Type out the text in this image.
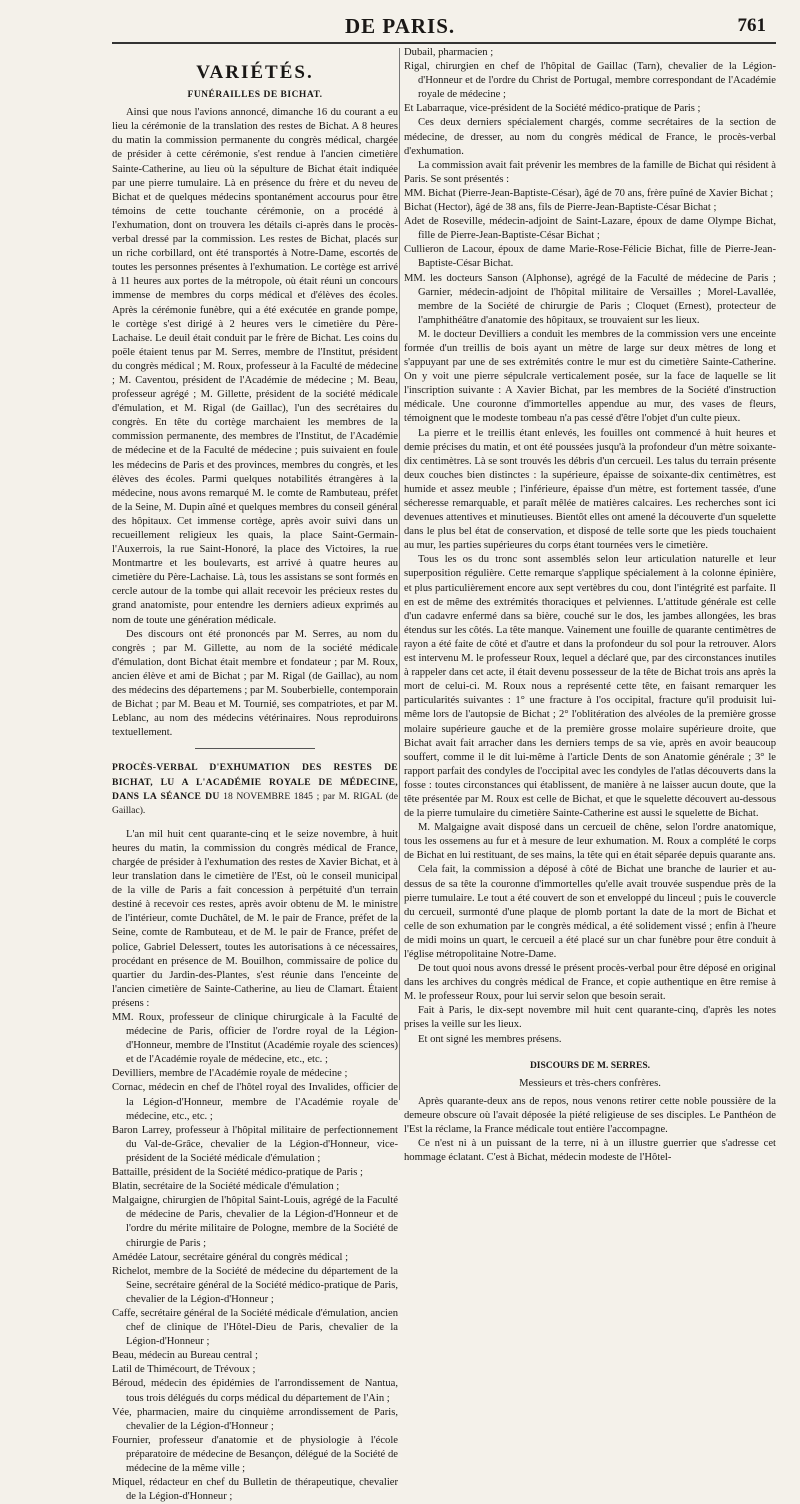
DE PARIS.	761
VARIÉTÉS.
FUNÉRAILLES DE BICHAT.

Ainsi que nous l'avions annoncé, dimanche 16 du courant a eu lieu la cérémonie de la translation des restes de Bichat. A 8 heures du matin la commission permanente du congrès médical, chargée de présider à cette cérémonie, s'est rendue à l'ancien cimetière Sainte-Catherine, au lieu où la sépulture de Bichat était indiquée par une pierre tumulaire. Là en présence du frère et du neveu de Bichat et de quelques médecins spontanément accourus pour être témoins de cette touchante cérémonie, on a procédé à l'exhumation, dont on trouvera les détails ci-après dans le procès-verbal dressé par la commission. Les restes de Bichat, placés sur un riche corbillard, ont été transportés à Notre-Dame, escortés de toutes les personnes présentes à l'exhumation. Le cortège est arrivé à 11 heures aux portes de la métropole, où était réuni un concours immense de membres du corps médical et d'élèves des écoles. Après la cérémonie funèbre, qui a été exécutée en grande pompe, le cortège s'est dirigé à 2 heures vers le cimetière du Père-Lachaise. Le deuil était conduit par le frère de Bichat. Les coins du poële étaient tenus par M. Serres, membre de l'Institut, président du congrès médical ; M. Roux, professeur à la Faculté de médecine ; M. Caventou, président de l'Académie de médecine ; M. Beau, professeur agrégé ; M. Gillette, président de la société médicale d'émulation, et M. Rigal (de Gaillac), l'un des secrétaires du congrès. En tête du cortège marchaient les membres de la commission permanente, des membres de l'Institut, de l'Académie de médecine et de la Faculté de médecine ; puis suivaient en foule les médecins de Paris et des provinces, membres du congrès, et les élèves des écoles. Parmi quelques notabilités étrangères à la médecine, nous avons remarqué M. le comte de Rambuteau, préfet de la Seine, M. Dupin aîné et quelques membres du conseil général des hôpitaux. Cet immense cortège, après avoir suivi dans un recueillement religieux les quais, la place Saint-Germain-l'Auxerrois, la rue Saint-Honoré, la place des Victoires, la rue Montmartre et les boulevarts, est arrivé à quatre heures au cimetière du Père-Lachaise. Là, tous les assistans se sont formés en cercle autour de la tombe qui allait recevoir les précieux restes du grand anatomiste, pour entendre les derniers adieux exprimés au nom de toute une génération médicale.

Des discours ont été prononcés par M. Serres, au nom du congrès ; par M. Gillette, au nom de la société médicale d'émulation, dont Bichat était membre et fondateur ; par M. Roux, ancien élève et ami de Bichat ; par M. Rigal (de Gaillac), au nom des médecins des départemens ; par M. Souberbielle, contemporain de Bichat ; par M. Beau et M. Tournié, ses compatriotes, et par M. Leblanc, au nom des médecins vétérinaires. Nous reproduirons textuellement.

PROCÈS-VERBAL D'EXHUMATION DES RESTES DE BICHAT, LU A L'ACADÉMIE ROYALE DE MÉDECINE, DANS LA SÉANCE DU 18 NOVEMBRE 1845 ; par M. RIGAL (de Gaillac).

L'an mil huit cent quarante-cinq et le seize novembre, à huit heures du matin, la commission du congrès médical de France, chargée de présider à l'exhumation des restes de Xavier Bichat, et à leur translation dans le cimetière de l'Est, où le conseil municipal de la ville de Paris a fait concession à perpétuité d'un terrain destiné à recevoir ces restes, après avoir obtenu de M. le ministre de l'intérieur, comte Duchâtel, de M. le pair de France, préfet de la Seine, comte de Rambuteau, et de M. le pair de France, préfet de police, Gabriel Delessert, toutes les autorisations à ce nécessaires, procédant en présence de M. Bouilhon, commissaire de police du quartier du Jardin-des-Plantes, s'est réunie dans l'enceinte de l'ancien cimetière de Sainte-Catherine, au lieu de Clamart. Étaient présens :

MM. Roux, professeur de clinique chirurgicale à la Faculté de médecine de Paris, officier de l'ordre royal de la Légion-d'Honneur, membre de l'Institut (Académie royale des sciences) et de l'Académie royale de médecine, etc., etc. ;

Devilliers, membre de l'Académie royale de médecine ;

Cornac, médecin en chef de l'hôtel royal des Invalides, officier de la Légion-d'Honneur, membre de l'Académie royale de médecine, etc., etc. ;

Baron Larrey, professeur à l'hôpital militaire de perfectionnement du Val-de-Grâce, chevalier de la Légion-d'Honneur, vice-président de la Société médicale d'émulation ;

Battaille, président de la Société médico-pratique de Paris ;

Blatin, secrétaire de la Société médicale d'émulation ;

Malgaigne, chirurgien de l'hôpital Saint-Louis, agrégé de la Faculté de médecine de Paris, chevalier de la Légion-d'Honneur et de l'ordre du mérite militaire de Pologne, membre de la Société de chirurgie de Paris ;

Amédée Latour, secrétaire général du congrès médical ;

Richelot, membre de la Société de médecine du département de la Seine, secrétaire général de la Société médico-pratique de Paris, chevalier de la Légion-d'Honneur ;

Caffe, secrétaire général de la Société médicale d'émulation, ancien chef de clinique de l'Hôtel-Dieu de Paris, chevalier de la Légion-d'Honneur ;

Beau, médecin au Bureau central ;

Latil de Thimécourt, de Trévoux ;

Béroud, médecin des épidémies de l'arrondissement de Nantua, tous trois délégués du corps médical du département de l'Ain ;

Vée, pharmacien, maire du cinquième arrondissement de Paris, chevalier de la Légion-d'Honneur ;

Fournier, professeur d'anatomie et de physiologie à l'école préparatoire de médecine de Besançon, délégué de la Société de médecine de la même ville ;

Miquel, rédacteur en chef du Bulletin de thérapeutique, chevalier de la Légion-d'Honneur ;

Dubail, pharmacien ;

Rigal, chirurgien en chef de l'hôpital de Gaillac (Tarn), chevalier de la Légion-d'Honneur et de l'ordre du Christ de Portugal, membre correspondant de l'Académie royale de médecine ;

Et Labarraque, vice-président de la Société médico-pratique de Paris ;

Ces deux derniers spécialement chargés, comme secrétaires de la section de médecine, de dresser, au nom du congrès médical de France, le procès-verbal d'exhumation.

La commission avait fait prévenir les membres de la famille de Bichat qui résident à Paris. Se sont présentés :

MM. Bichat (Pierre-Jean-Baptiste-César), âgé de 70 ans, frère puîné de Xavier Bichat ;

Bichat (Hector), âgé de 38 ans, fils de Pierre-Jean-Baptiste-César Bichat ;

Adet de Roseville, médecin-adjoint de Saint-Lazare, époux de dame Olympe Bichat, fille de Pierre-Jean-Baptiste-César Bichat ;

Cullieron de Lacour, époux de dame Marie-Rose-Félicie Bichat, fille de Pierre-Jean-Baptiste-César Bichat.

MM. les docteurs Sanson (Alphonse), agrégé de la Faculté de médecine de Paris ; Garnier, médecin-adjoint de l'hôpital militaire de Versailles ; Morel-Lavallée, membre de la Société de chirurgie de Paris ; Cloquet (Ernest), protecteur de l'amphithéâtre d'anatomie des hôpitaux, se trouvaient sur les lieux.

M. le docteur Devilliers a conduit les membres de la commission vers une enceinte formée d'un treillis de bois ayant un mètre de large sur deux mètres de long et s'appuyant par une de ses extrémités contre le mur est du cimetière Sainte-Catherine. On y voit une pierre sépulcrale verticalement posée, sur la face de laquelle se lit l'inscription suivante : A Xavier Bichat, par les membres de la Société d'instruction médicale. Une couronne d'immortelles appendue au mur, des vases de fleurs, témoignent que le modeste tombeau n'a pas cessé d'être l'objet d'un culte pieux.

La pierre et le treillis étant enlevés, les fouilles ont commencé à huit heures et demie précises du matin, et ont été poussées jusqu'à la profondeur d'un mètre soixante-dix centimètres. Là se sont trouvés les débris d'un cercueil. Les talus du terrain présente deux couches bien distinctes : la supérieure, épaisse de soixante-dix centimètres, est humide et assez meuble ; l'inférieure, épaisse d'un mètre, est fortement tassée, d'une sécheresse remarquable, et paraît mêlée de matières calcaires. Les recherches sont ici devenues attentives et minutieuses. Bientôt elles ont amené la découverte d'un squelette dans le plus bel état de conservation, et disposé de telle sorte que les pieds touchaient au mur, les parties supérieures du corps étant tournées vers le cimetière.

Tous les os du tronc sont assemblés selon leur articulation naturelle et leur superposition régulière. Cette remarque s'applique spécialement à la colonne épinière, et plus particulièrement encore aux sept vertèbres du cou, dont l'intégrité est parfaite. Il en est de même des extrémités thoraciques et pelviennes. L'attitude générale est celle d'un cadavre enfermé dans sa bière, couché sur le dos, les jambes allongées, les bras étendus sur les côtés. La tête manque. Vainement une fouille de quarante centimètres de rayon a été faite de côté et d'autre et dans la profondeur du sol pour la retrouver. Alors est intervenu M. le professeur Roux, lequel a déclaré que, par des circonstances inutiles à rappeler dans cet acte, il était devenu possesseur de la tête de Bichat trois ans après la mort de celui-ci. M. Roux nous a représenté cette tête, en faisant remarquer les particularités suivantes : 1° une fracture à l'os occipital, fracture qu'il produisit lui-même lors de l'autopsie de Bichat ; 2° l'oblitération des alvéoles de la première grosse molaire supérieure gauche et de la première grosse molaire supérieure droite, que Bichat avait fait arracher dans les derniers temps de sa vie, après en avoir beaucoup souffert, comme il le dit lui-même à l'article Dents de son Anatomie générale ; 3° le rapport parfait des condyles de l'occipital avec les condyles de l'atlas découverts dans la fosse : toutes circonstances qui établissent, de manière à ne laisser aucun doute, que la tête présentée par M. Roux est celle de Bichat, et que le squelette découvert au-dessous de la pierre tumulaire du cimetière Sainte-Catherine est aussi le squelette de Bichat.

M. Malgaigne avait disposé dans un cercueil de chêne, selon l'ordre anatomique, tous les ossemens au fur et à mesure de leur exhumation. M. Roux a complété le corps de Bichat en lui restituant, de ses mains, la tête qui en était séparée depuis quarante ans.

Cela fait, la commission a déposé à côté de Bichat une branche de laurier et au-dessus de sa tête la couronne d'immortelles qu'elle avait trouvée suspendue près de la pierre tumulaire. Le tout a été couvert de son et enveloppé du linceul ; puis le couvercle du cercueil, surmonté d'une plaque de plomb portant la date de la mort de Bichat et celle de son exhumation par le congrès médical, a été solidement vissé ; enfin à l'heure de midi moins un quart, le cercueil a été placé sur un char funèbre pour être conduit à l'église métropolitaine Notre-Dame.

De tout quoi nous avons dressé le présent procès-verbal pour être déposé en original dans les archives du congrès médical de France, et copie authentique en être remise à M. le professeur Roux, pour lui servir selon que besoin serait.

Fait à Paris, le dix-sept novembre mil huit cent quarante-cinq, d'après les notes prises la veille sur les lieux.

Et ont signé les membres présens.

DISCOURS DE M. SERRES.
Messieurs et très-chers confrères.

Après quarante-deux ans de repos, nous venons retirer cette noble poussière de la demeure obscure où l'avait déposée la piété religieuse de ses disciples. Le Panthéon de l'Est la réclame, la France médicale tout entière l'accompagne.

Ce n'est ni à un puissant de la terre, ni à un illustre guerrier que s'adresse cet hommage éclatant. C'est à Bichat, médecin modeste de l'Hôtel-
